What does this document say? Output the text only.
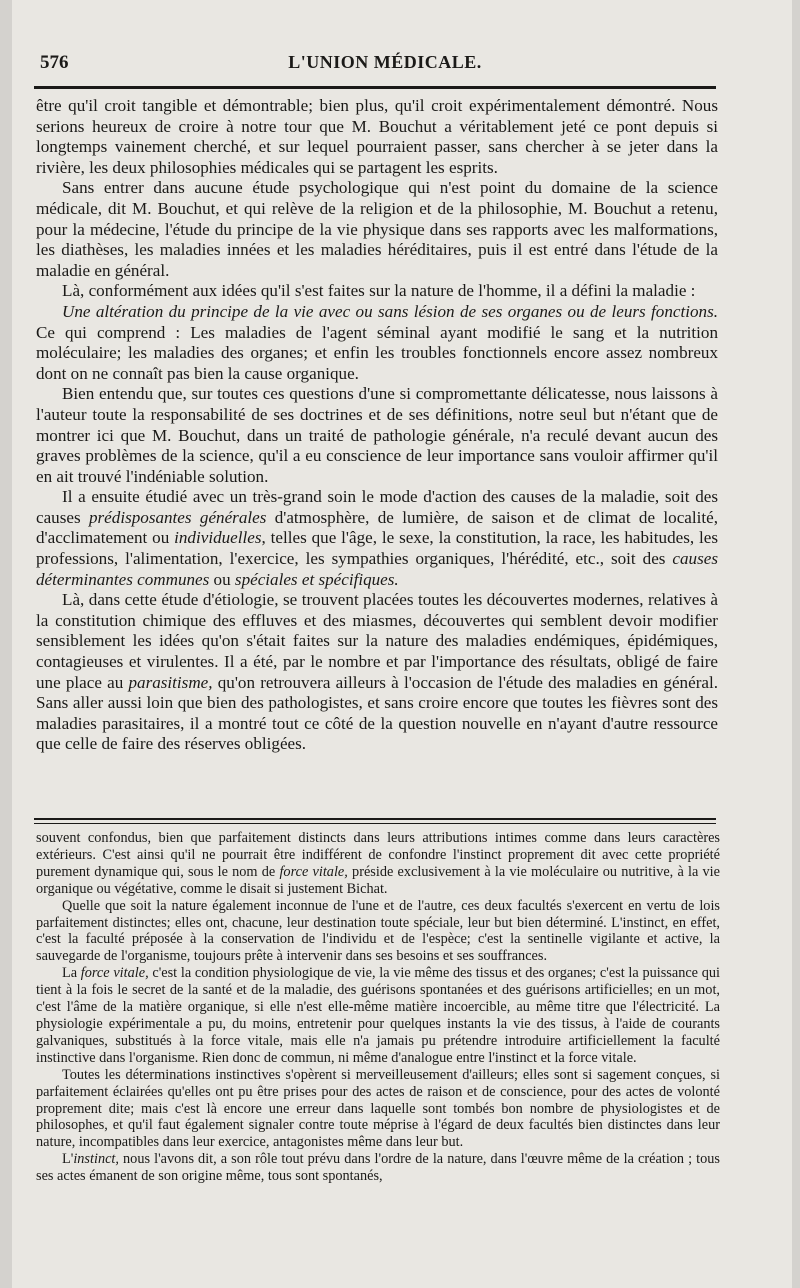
576	L'UNION MÉDICALE.

être qu'il croit tangible et démontrable; bien plus, qu'il croit expérimentalement démontré. Nous serions heureux de croire à notre tour que M. Bouchut a véritablement jeté ce pont depuis si longtemps vainement cherché, et sur lequel pourraient passer, sans chercher à se jeter dans la rivière, les deux philosophies médicales qui se partagent les esprits.

Sans entrer dans aucune étude psychologique qui n'est point du domaine de la science médicale, dit M. Bouchut, et qui relève de la religion et de la philosophie, M. Bouchut a retenu, pour la médecine, l'étude du principe de la vie physique dans ses rapports avec les malformations, les diathèses, les maladies innées et les maladies héréditaires, puis il est entré dans l'étude de la maladie en général.

Là, conformément aux idées qu'il s'est faites sur la nature de l'homme, il a défini la maladie :

Une altération du principe de la vie avec ou sans lésion de ses organes ou de leurs fonctions. Ce qui comprend : Les maladies de l'agent séminal ayant modifié le sang et la nutrition moléculaire; les maladies des organes; et enfin les troubles fonctionnels encore assez nombreux dont on ne connaît pas bien la cause organique.

Bien entendu que, sur toutes ces questions d'une si compromettante délicatesse, nous laissons à l'auteur toute la responsabilité de ses doctrines et de ses définitions, notre seul but n'étant que de montrer ici que M. Bouchut, dans un traité de pathologie générale, n'a reculé devant aucun des graves problèmes de la science, qu'il a eu conscience de leur importance sans vouloir affirmer qu'il en ait trouvé l'indéniable solution.

Il a ensuite étudié avec un très-grand soin le mode d'action des causes de la maladie, soit des causes prédisposantes générales d'atmosphère, de lumière, de saison et de climat de localité, d'acclimatement ou individuelles, telles que l'âge, le sexe, la constitution, la race, les habitudes, les professions, l'alimentation, l'exercice, les sympathies organiques, l'hérédité, etc., soit des causes déterminantes communes ou spéciales et spécifiques.

Là, dans cette étude d'étiologie, se trouvent placées toutes les découvertes modernes, relatives à la constitution chimique des effluves et des miasmes, découvertes qui semblent devoir modifier sensiblement les idées qu'on s'était faites sur la nature des maladies endémiques, épidémiques, contagieuses et virulentes. Il a été, par le nombre et par l'importance des résultats, obligé de faire une place au parasitisme, qu'on retrouvera ailleurs à l'occasion de l'étude des maladies en général. Sans aller aussi loin que bien des pathologistes, et sans croire encore que toutes les fièvres sont des maladies parasitaires, il a montré tout ce côté de la question nouvelle en n'ayant d'autre ressource que celle de faire des réserves obligées.

souvent confondus, bien que parfaitement distincts dans leurs attributions intimes comme dans leurs caractères extérieurs. C'est ainsi qu'il ne pourrait être indifférent de confondre l'instinct proprement dit avec cette propriété purement dynamique qui, sous le nom de force vitale, préside exclusivement à la vie moléculaire ou nutritive, à la vie organique ou végétative, comme le disait si justement Bichat.

Quelle que soit la nature également inconnue de l'une et de l'autre, ces deux facultés s'exercent en vertu de lois parfaitement distinctes; elles ont, chacune, leur destination toute spéciale, leur but bien déterminé. L'instinct, en effet, c'est la faculté préposée à la conservation de l'individu et de l'espèce; c'est la sentinelle vigilante et active, la sauvegarde de l'organisme, toujours prête à intervenir dans ses besoins et ses souffrances.

La force vitale, c'est la condition physiologique de vie, la vie même des tissus et des organes; c'est la puissance qui tient à la fois le secret de la santé et de la maladie, des guérisons spontanées et des guérisons artificielles; en un mot, c'est l'âme de la matière organique, si elle n'est elle-même matière incoercible, au même titre que l'électricité. La physiologie expérimentale a pu, du moins, entretenir pour quelques instants la vie des tissus, à l'aide de courants galvaniques, substitués à la force vitale, mais elle n'a jamais pu prétendre introduire artificiellement la faculté instinctive dans l'organisme. Rien donc de commun, ni même d'analogue entre l'instinct et la force vitale.

Toutes les déterminations instinctives s'opèrent si merveilleusement d'ailleurs; elles sont si sagement conçues, si parfaitement éclairées qu'elles ont pu être prises pour des actes de raison et de conscience, pour des actes de volonté proprement dite; mais c'est là encore une erreur dans laquelle sont tombés bon nombre de physiologistes et de philosophes, et qu'il faut également signaler contre toute méprise à l'égard de deux facultés bien distinctes dans leur nature, incompatibles dans leur exercice, antagonistes même dans leur but.

L'instinct, nous l'avons dit, a son rôle tout prévu dans l'ordre de la nature, dans l'œuvre même de la création ; tous ses actes émanent de son origine même, tous sont spontanés,
